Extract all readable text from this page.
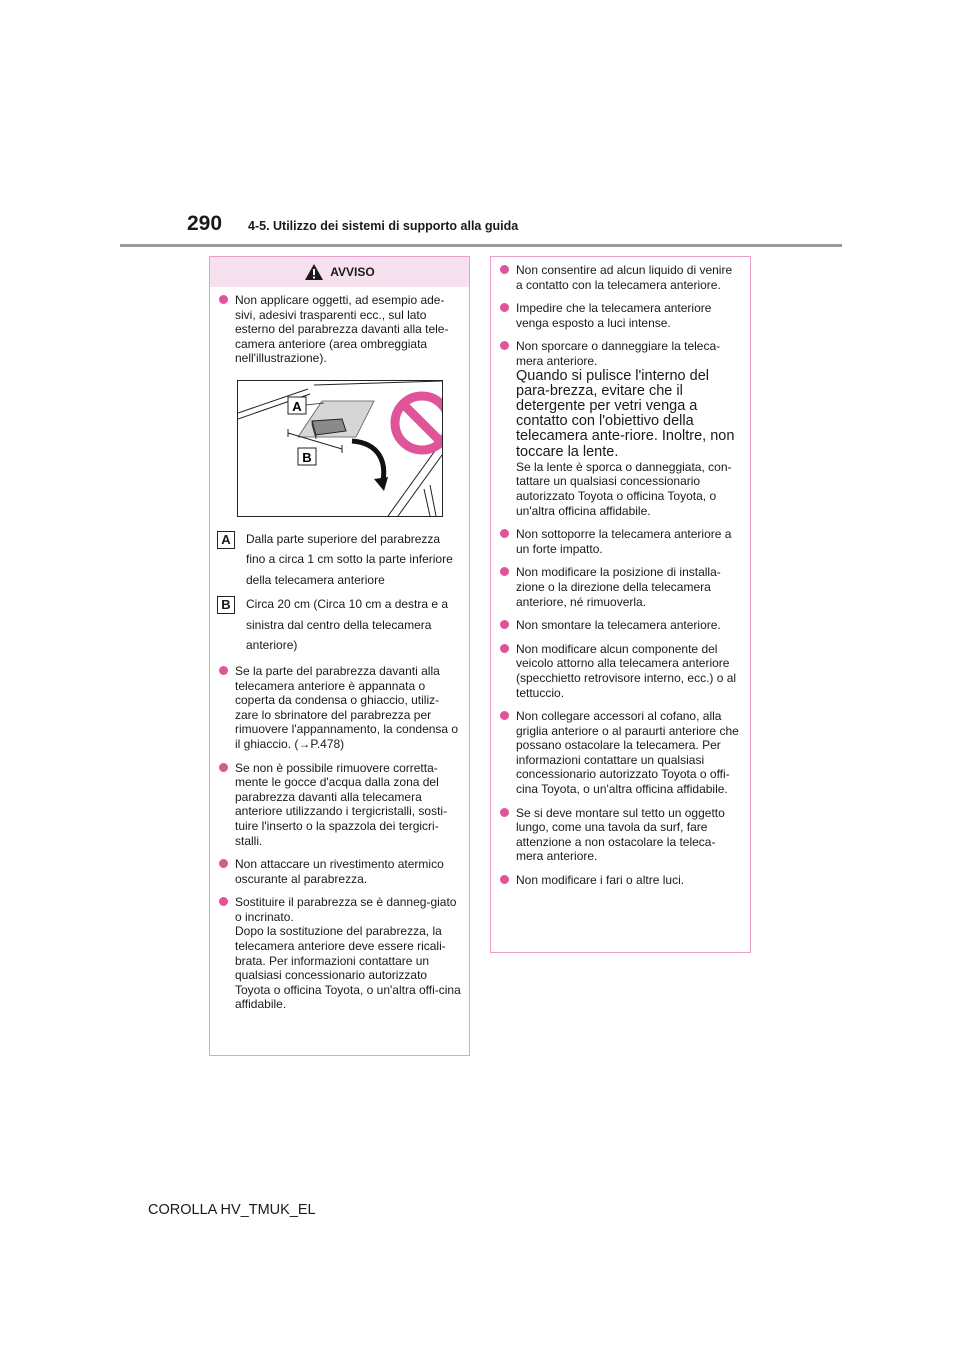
290 4-5. Utilizzo dei sistemi di supporto alla guida
AVVISO
Non applicare oggetti, ad esempio ade-sivi, adesivi trasparenti ecc., sul lato esterno del parabrezza davanti alla tele-camera anteriore (area ombreggiata nell'illustrazione).
A
B
A	Dalla parte superiore del parabrezza fino a circa 1 cm sotto la parte inferiore della telecamera anteriore
B	Circa 20 cm (Circa 10 cm a destra e a sinistra dal centro della telecamera anteriore)
Se la parte del parabrezza davanti alla telecamera anteriore è appannata o coperta da condensa o ghiaccio, utiliz-zare lo sbrinatore del parabrezza per rimuovere l'appannamento, la condensa o il ghiaccio. (→P.478)
Se non è possibile rimuovere corretta-mente le gocce d'acqua dalla zona del parabrezza davanti alla telecamera anteriore utilizzando i tergicristalli, sosti-tuire l'inserto o la spazzola dei tergicri-stalli.
Non attaccare un rivestimento atermico oscurante al parabrezza.
Sostituire il parabrezza se è danneg-giato o incrinato.
Dopo la sostituzione del parabrezza, la telecamera anteriore deve essere ricali-brata. Per informazioni contattare un qualsiasi concessionario autorizzato Toyota o officina Toyota, o un'altra offi-cina affidabile.
Non consentire ad alcun liquido di venire a contatto con la telecamera anteriore.
Impedire che la telecamera anteriore venga esposto a luci intense.
Non sporcare o danneggiare la teleca-mera anteriore.
Quando si pulisce l'interno del para-brezza, evitare che il detergente per vetri venga a contatto con l'obiettivo della telecamera ante-riore. Inoltre, non toccare la lente.
Se la lente è sporca o danneggiata, con-tattare un qualsiasi concessionario autorizzato Toyota o officina Toyota, o un'altra officina affidabile.
Non sottoporre la telecamera anteriore a un forte impatto.
Non modificare la posizione di installa-zione o la direzione della telecamera anteriore, né rimuoverla.
Non smontare la telecamera anteriore.
Non modificare alcun componente del veicolo attorno alla telecamera anteriore (specchietto retrovisore interno, ecc.) o al tettuccio.
Non collegare accessori al cofano, alla griglia anteriore o al paraurti anteriore che possano ostacolare la telecamera. Per informazioni contattare un qualsiasi concessionario autorizzato Toyota o offi-cina Toyota, o un'altra officina affidabile.
Se si deve montare sul tetto un oggetto lungo, come una tavola da surf, fare attenzione a non ostacolare la teleca-mera anteriore.
Non modificare i fari o altre luci.
COROLLA HV_TMUK_EL
